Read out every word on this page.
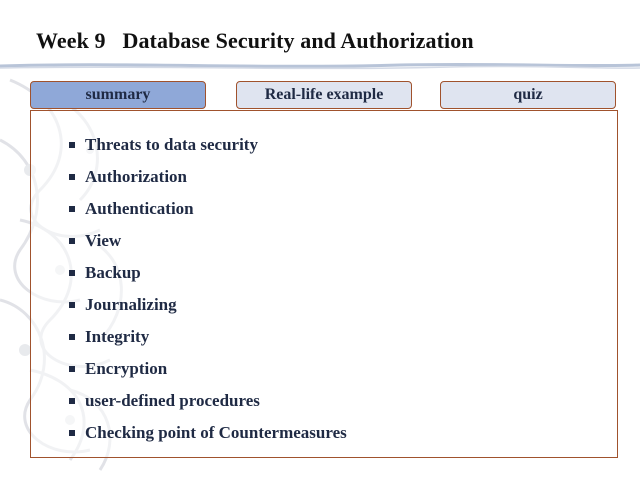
Week 9   Database Security and Authorization
summary	Real-life example	quiz
Threats to data security
Authorization
Authentication
View
Backup
Journalizing
Integrity
Encryption
user-defined procedures
Checking point of Countermeasures
